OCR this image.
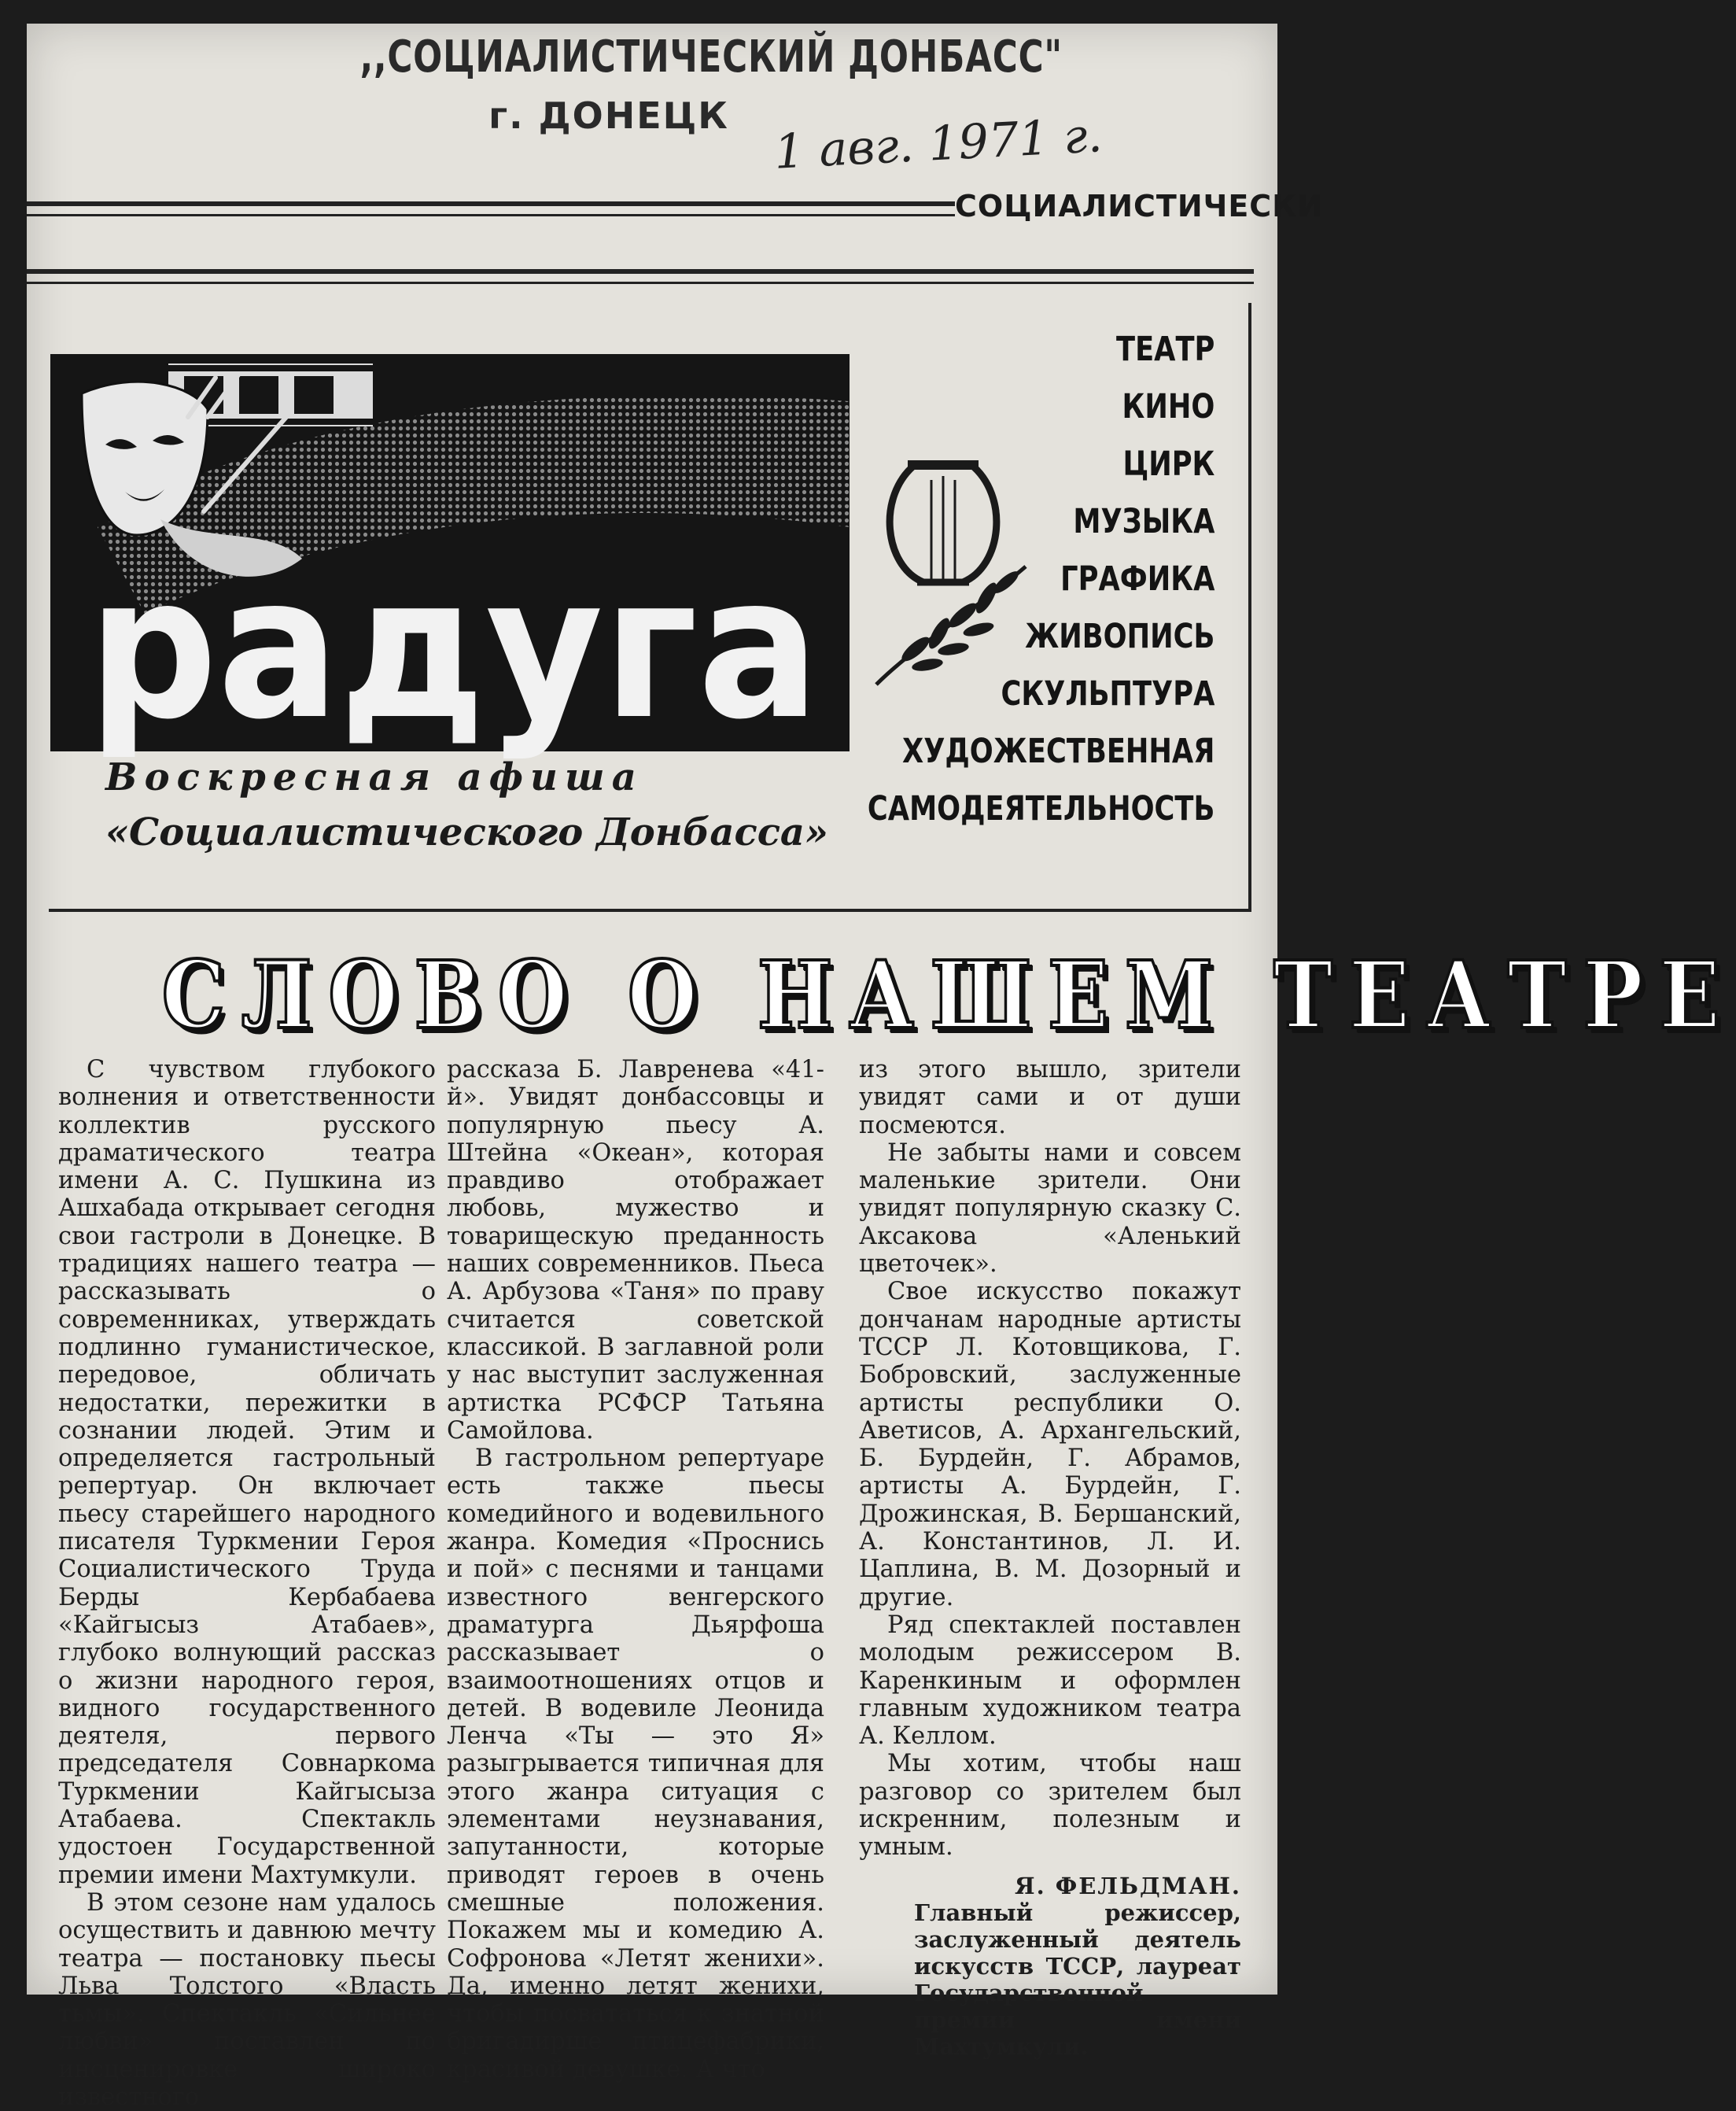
,,СОЦИАЛИСТИЧЕСКИЙ ДОНБАСС"
г. ДОНЕЦК 1 авг. 1971 г.
СОЦИАЛИСТИЧЕСКИ
радуга
Воскресная афиша
«Социалистического Донбасса»
ТЕАТР
КИНО
ЦИРК
МУЗЫКА
ГРАФИКА
ЖИВОПИСЬ
СКУЛЬПТУРА
ХУДОЖЕСТВЕННАЯ
САМОДЕЯТЕЛЬНОСТЬ
СЛОВО О НАШЕМ ТЕАТРЕ

С чувством глубокого волнения и ответственности коллектив русского драматического театра имени А. С. Пушкина из Ашхабада открывает сегодня свои гастроли в Донецке. В традициях нашего театра — рассказывать о современниках, утверждать подлинно гуманистическое, передовое, обличать недостатки, пережитки в сознании людей. Этим и определяется гастрольный репертуар. Он включает пьесу старейшего народного писателя Туркмении Героя Социалистического Труда Берды Кербабаева «Кайгысыз Атабаев», глубоко волнующий рассказ о жизни народного героя, видного государственного деятеля, первого председателя Совнаркома Туркмении Кайгысыза Атабаева. Спектакль удостоен Государственной премии имени Махтумкули.

В этом сезоне нам удалось осуществить и давнюю мечту театра — постановку пьесы Льва Толстого «Власть тьмы». Спектакль «Сильнее любви» поставлен по инсценировке широко известного

рассказа Б. Лавренева «41-й». Увидят донбассовцы и популярную пьесу А. Штейна «Океан», которая правдиво отображает любовь, мужество и товарищескую преданность наших современников. Пьеса А. Арбузова «Таня» по праву считается советской классикой. В заглавной роли у нас выступит заслуженная артистка РСФСР Татьяна Самойлова.

В гастрольном репертуаре есть также пьесы комедийного и водевильного жанра. Комедия «Проснись и пой» с песнями и танцами известного венгерского драматурга Дьярфоша рассказывает о взаимоотношениях отцов и детей. В водевиле Леонида Ленча «Ты — это Я» разыгрывается типичная для этого жанра ситуация с элементами неузнавания, запутанности, которые приводят героев в очень смешные положения. Покажем мы и комедию А. Софронова «Летят женихи». Да, именно летят женихи, чтобы посвататься к знатной бригадирше птицефабрики, красивой девушке. А что

из этого вышло, зрители увидят сами и от души посмеются.

Не забыты нами и совсем маленькие зрители. Они увидят популярную сказку С. Аксакова «Аленький цветочек».

Свое искусство покажут дончанам народные артисты ТССР Л. Котовщикова, Г. Бобровский, заслуженные артисты республики О. Аветисов, А. Архангельский, Б. Бурдейн, Г. Абрамов, артисты А. Бурдейн, Г. Дрожинская, В. Бершанский, А. Константинов, Л. И. Цаплина, В. М. Дозорный и другие.

Ряд спектаклей поставлен молодым режиссером В. Каренкиным и оформлен главным художником театра А. Келлом.

Мы хотим, чтобы наш разговор со зрителем был искренним, полезным и умным.

Я. ФЕЛЬДМАН.
Главный режиссер, заслуженный деятель искусств ТССР, лауреат Государственной премии имени Махтумкули.
